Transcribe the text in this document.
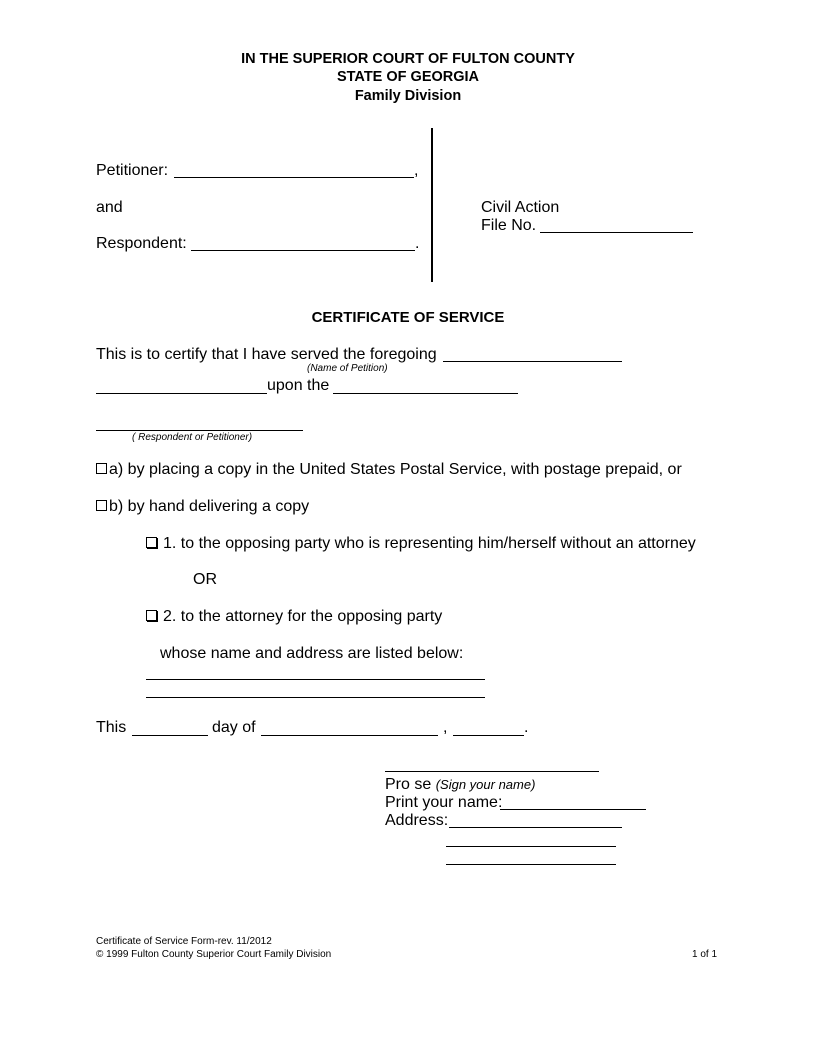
IN THE SUPERIOR COURT OF FULTON COUNTY
STATE OF GEORGIA
Family Division
Petitioner:	,
and
Respondent:	.
Civil Action
File No.
CERTIFICATE OF SERVICE
This is to certify that I have served the foregoing
(Name of Petition)
upon the
( Respondent or Petitioner)
a) by placing a copy in the United States Postal Service, with postage prepaid, or
b) by hand delivering a copy
1. to the opposing party who is representing him/herself without an attorney
OR
2. to the attorney for the opposing party
whose name and address are listed below:
This	day of	,	.
Pro se (Sign your name)
Print your name:
Address:
Certificate of Service Form-rev. 11/2012
© 1999 Fulton County Superior Court Family Division	1 of 1
